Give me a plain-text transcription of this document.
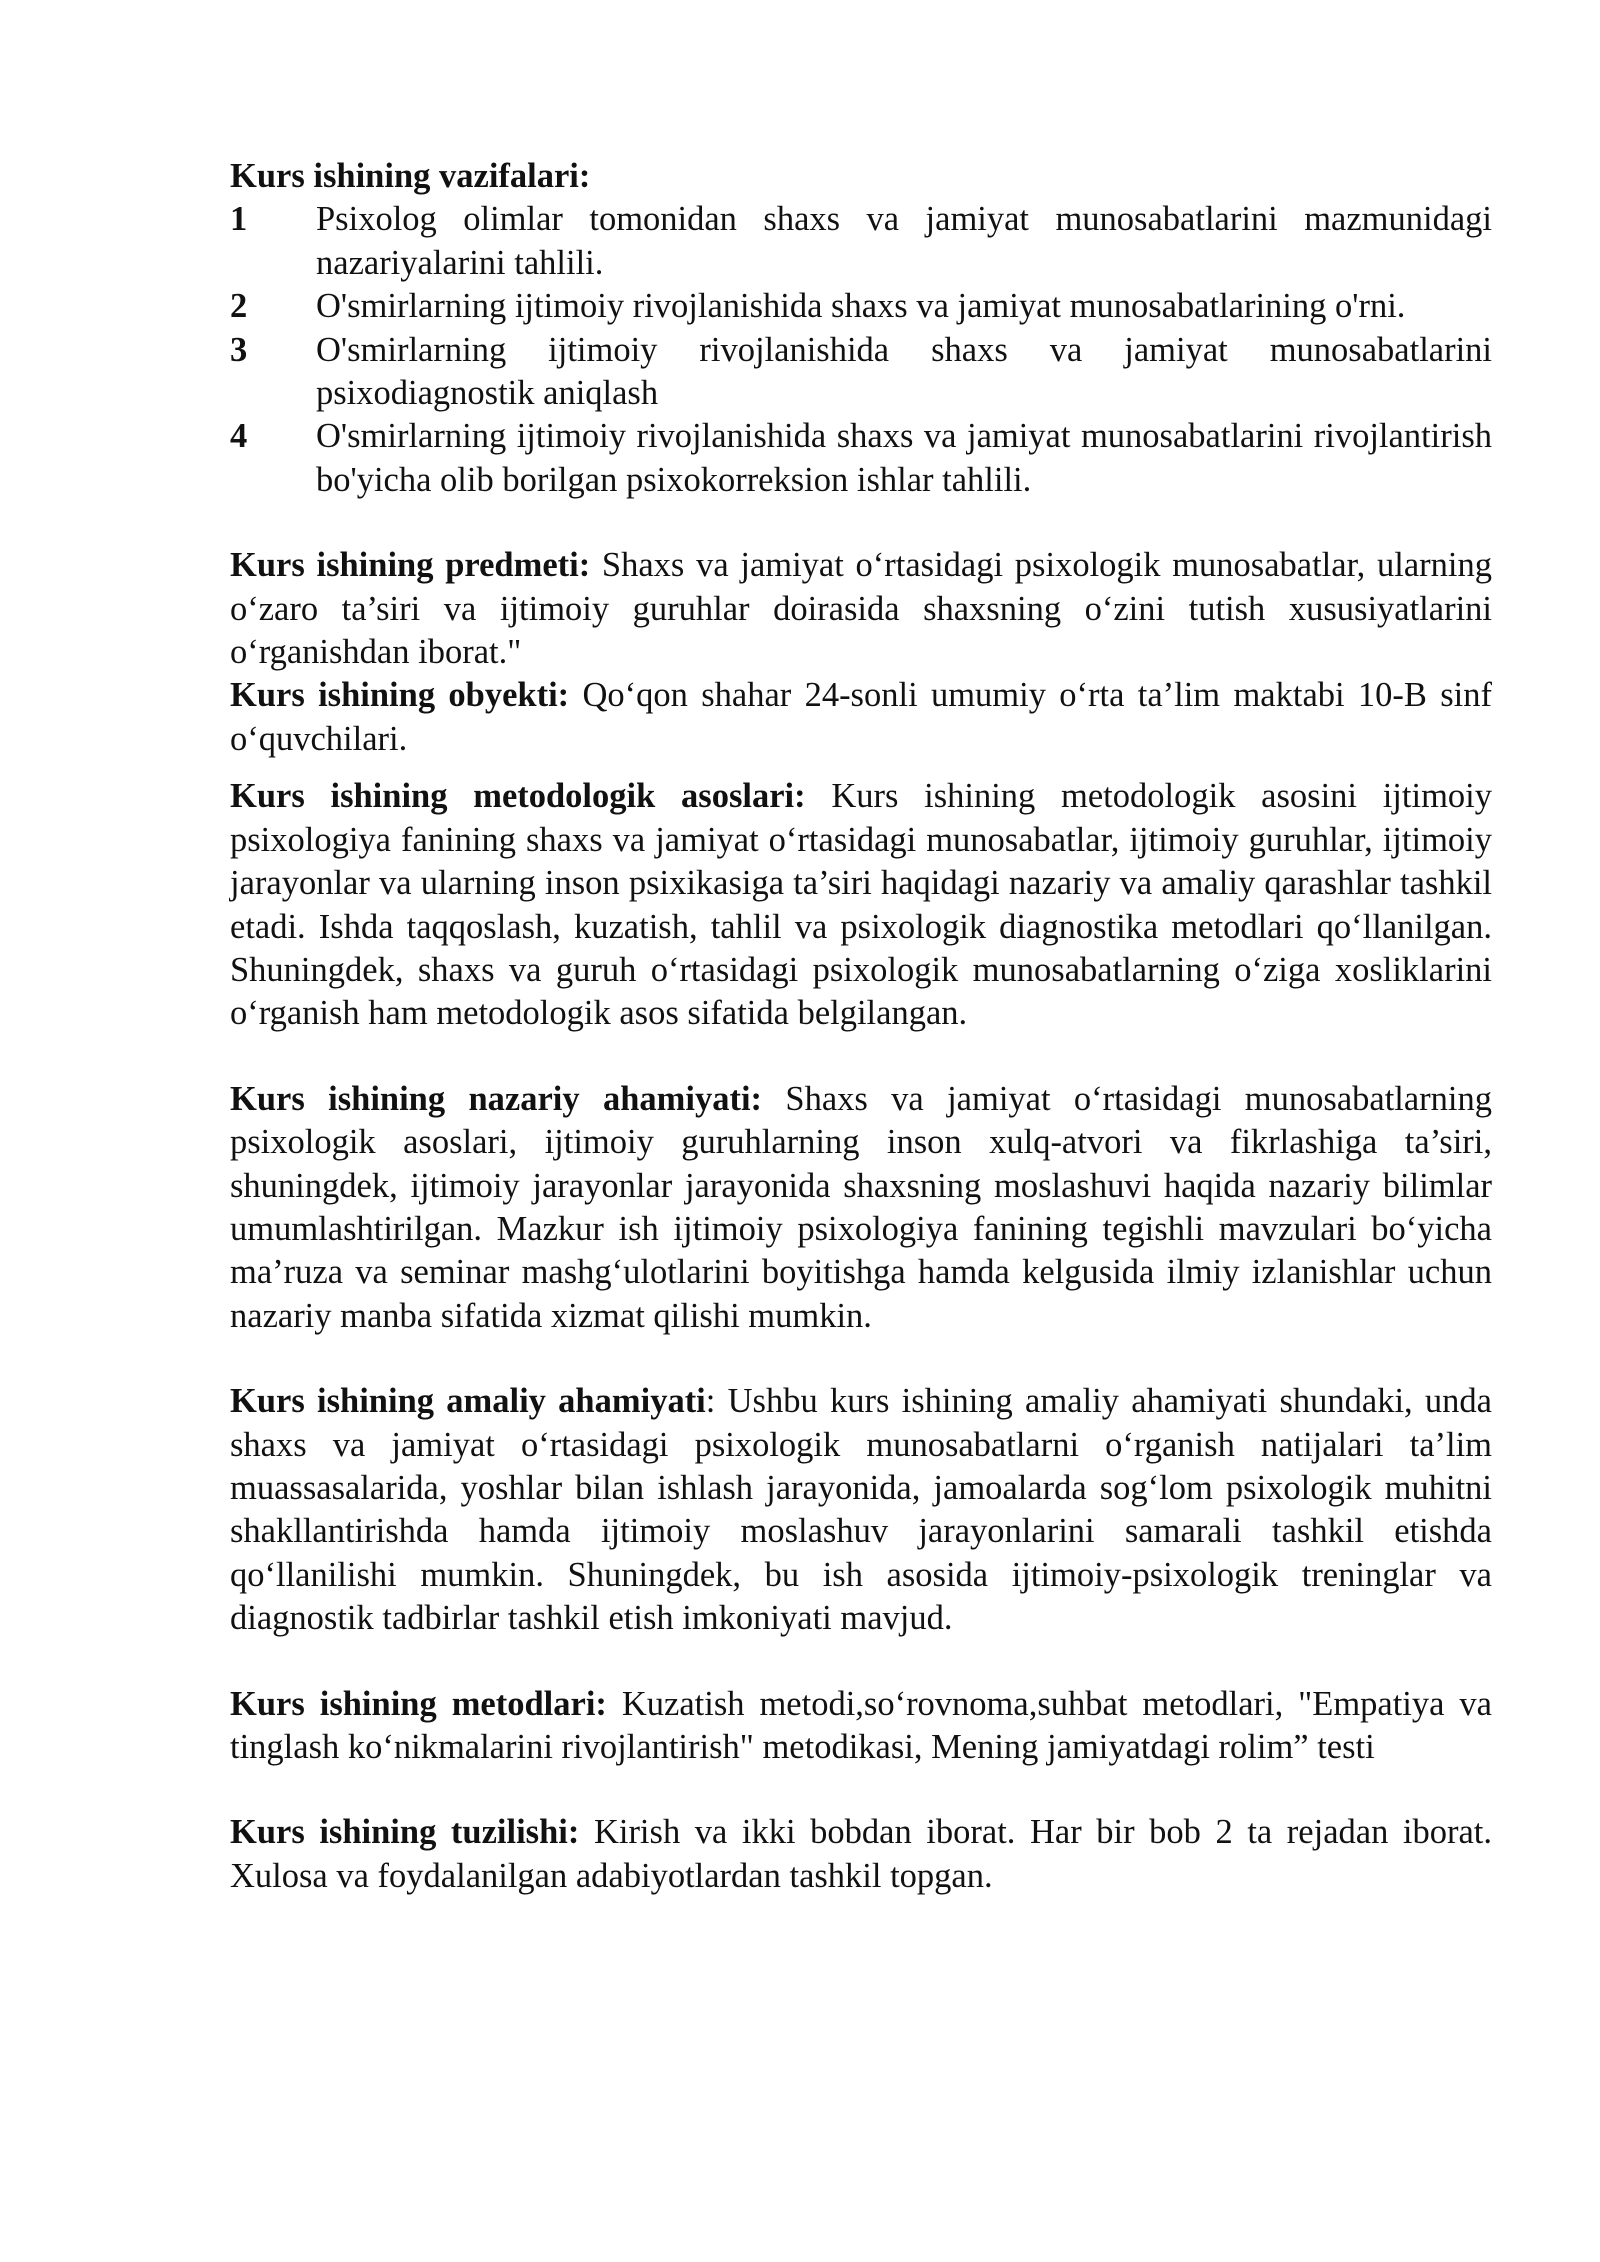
Kurs ishining vazifalari:

1	Psixolog olimlar tomonidan shaxs va jamiyat munosabatlarini mazmunidagi nazariyalarini tahlili.
2	O'smirlarning ijtimoiy rivojlanishida shaxs va jamiyat munosabatlarining o'rni.
3	O'smirlarning ijtimoiy rivojlanishida shaxs va jamiyat munosabatlarini psixodiagnostik aniqlash
4	O'smirlarning ijtimoiy rivojlanishida shaxs va jamiyat munosabatlarini rivojlantirish bo'yicha olib borilgan psixokorreksion ishlar tahlili.

Kurs ishining predmeti: Shaxs va jamiyat o‘rtasidagi psixologik munosabatlar, ularning o‘zaro ta’siri va ijtimoiy guruhlar doirasida shaxsning o‘zini tutish xususiyatlarini o‘rganishdan iborat."

Kurs ishining obyekti: Qo‘qon shahar 24-sonli umumiy o‘rta ta’lim maktabi 10-B sinf o‘quvchilari.

Kurs ishining metodologik asoslari: Kurs ishining metodologik asosini ijtimoiy psixologiya fanining shaxs va jamiyat o‘rtasidagi munosabatlar, ijtimoiy guruhlar, ijtimoiy jarayonlar va ularning inson psixikasiga ta’siri haqidagi nazariy va amaliy qarashlar tashkil etadi. Ishda taqqoslash, kuzatish, tahlil va psixologik diagnostika metodlari qo‘llanilgan. Shuningdek, shaxs va guruh o‘rtasidagi psixologik munosabatlarning o‘ziga xosliklarini o‘rganish ham metodologik asos sifatida belgilangan.

Kurs ishining nazariy ahamiyati: Shaxs va jamiyat o‘rtasidagi munosabatlarning psixologik asoslari, ijtimoiy guruhlarning inson xulq-atvori va fikrlashiga ta’siri, shuningdek, ijtimoiy jarayonlar jarayonida shaxsning moslashuvi haqida nazariy bilimlar umumlashtirilgan. Mazkur ish ijtimoiy psixologiya fanining tegishli mavzulari bo‘yicha ma’ruza va seminar mashg‘ulotlarini boyitishga hamda kelgusida ilmiy izlanishlar uchun nazariy manba sifatida xizmat qilishi mumkin.

Kurs ishining amaliy ahamiyati: Ushbu kurs ishining amaliy ahamiyati shundaki, unda shaxs va jamiyat o‘rtasidagi psixologik munosabatlarni o‘rganish natijalari ta’lim muassasalarida, yoshlar bilan ishlash jarayonida, jamoalarda sog‘lom psixologik muhitni shakllantirishda hamda ijtimoiy moslashuv jarayonlarini samarali tashkil etishda qo‘llanilishi mumkin. Shuningdek, bu ish asosida ijtimoiy-psixologik treninglar va diagnostik tadbirlar tashkil etish imkoniyati mavjud.

Kurs ishining metodlari: Kuzatish metodi,so‘rovnoma,suhbat metodlari, "Empatiya va tinglash ko‘nikmalarini rivojlantirish" metodikasi, Mening jamiyatdagi rolim” testi

Kurs ishining tuzilishi: Kirish va ikki bobdan iborat. Har bir bob 2 ta rejadan iborat. Xulosa va foydalanilgan adabiyotlardan tashkil topgan.
